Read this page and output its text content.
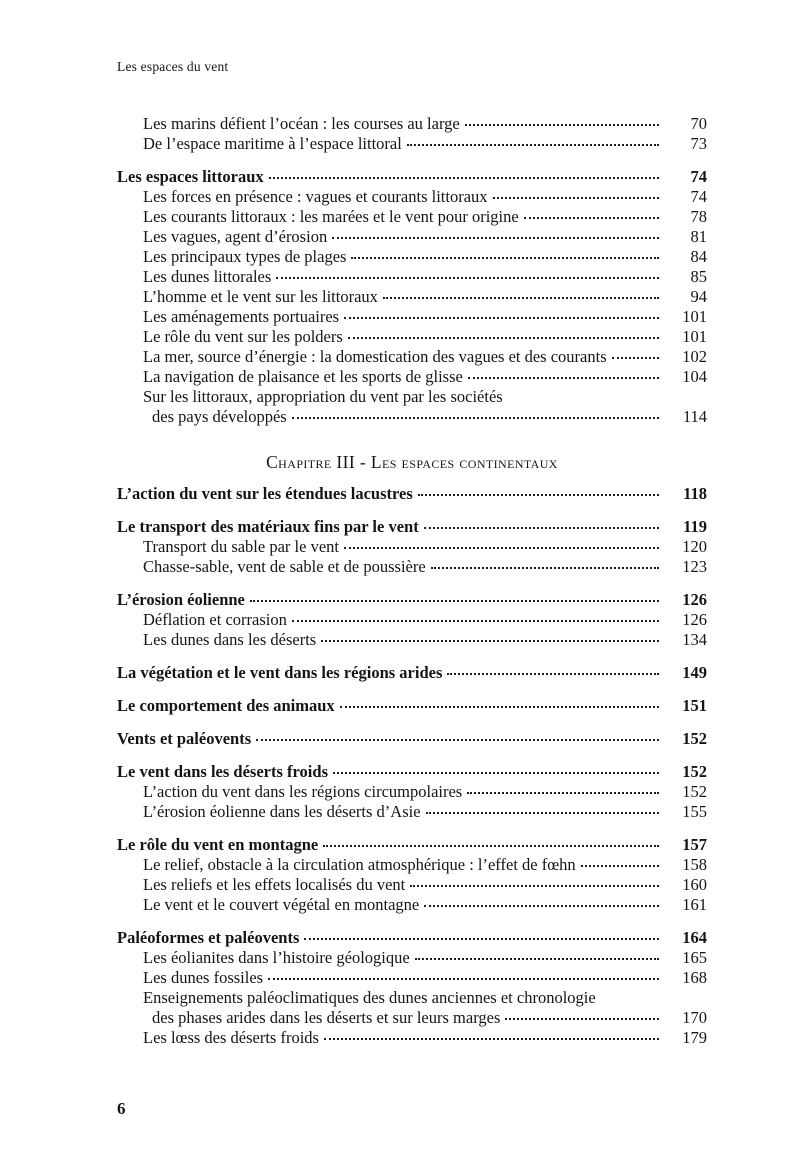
Les espaces du vent
Les marins défient l’océan : les courses au large	70
De l’espace maritime à l’espace littoral	73
Les espaces littoraux	74
Les forces en présence : vagues et courants littoraux	74
Les courants littoraux : les marées et le vent pour origine	78
Les vagues, agent d’érosion	81
Les principaux types de plages	84
Les dunes littorales	85
L’homme et le vent sur les littoraux	94
Les aménagements portuaires	101
Le rôle du vent sur les polders	101
La mer, source d’énergie : la domestication des vagues et des courants	102
La navigation de plaisance et les sports de glisse	104
Sur les littoraux, appropriation du vent par les sociétés
des pays développés	114
Chapitre III - Les espaces continentaux
L’action du vent sur les étendues lacustres	118
Le transport des matériaux fins par le vent	119
Transport du sable par le vent	120
Chasse-sable, vent de sable et de poussière	123
L’érosion éolienne	126
Déflation et corrasion	126
Les dunes dans les déserts	134
La végétation et le vent dans les régions arides	149
Le comportement des animaux	151
Vents et paléovents	152
Le vent dans les déserts froids	152
L’action du vent dans les régions circumpolaires	152
L’érosion éolienne dans les déserts d’Asie	155
Le rôle du vent en montagne	157
Le relief, obstacle à la circulation atmosphérique : l’effet de fœhn	158
Les reliefs et les effets localisés du vent	160
Le vent et le couvert végétal en montagne	161
Paléoformes et paléovents	164
Les éolianites dans l’histoire géologique	165
Les dunes fossiles	168
Enseignements paléoclimatiques des dunes anciennes et chronologie
des phases arides dans les déserts et sur leurs marges	170
Les lœss des déserts froids	179
6
